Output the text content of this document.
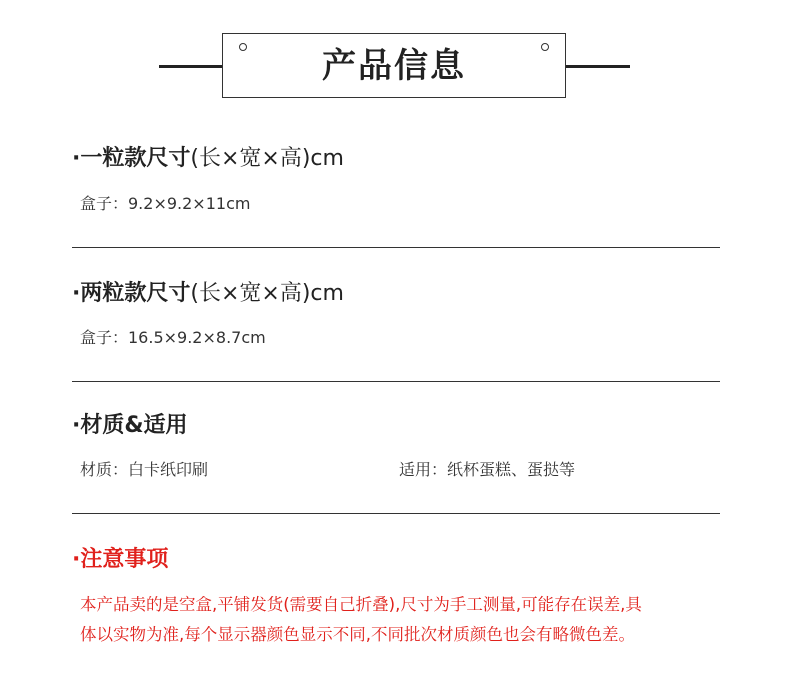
产品信息
·一粒款尺寸(长×宽×高)cm
盒子：9.2×9.2×11cm
·两粒款尺寸(长×宽×高)cm
盒子：16.5×9.2×8.7cm
·材质&适用
材质：白卡纸印刷	适用：纸杯蛋糕、蛋挞等
·注意事项
本产品卖的是空盒,平铺发货(需要自己折叠),尺寸为手工测量,可能存在误差,具
体以实物为准,每个显示器颜色显示不同,不同批次材质颜色也会有略微色差。
